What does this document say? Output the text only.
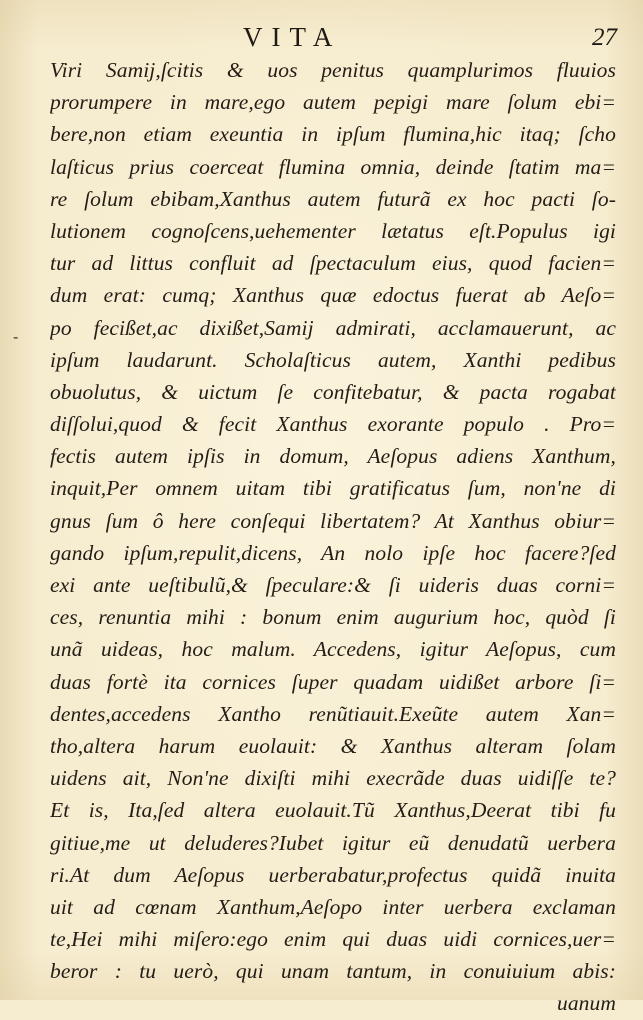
VITA	27
-
Viri Samij,ſcitis & uos penitus quamplurimos fluuios
prorumpere in mare,ego autem pepigi mare ſolum ebi=
bere,non etiam exeuntia in ipſum flumina,hic itaq; ſcho
laſticus prius coerceat flumina omnia, deinde ſtatim ma=
re ſolum ebibam,Xanthus autem futurã ex hoc pacti ſo-
lutionem cognoſcens,uehementer lætatus eſt.Populus igi
tur ad littus confluit ad ſpectaculum eius, quod facien=
dum erat: cumq; Xanthus quæ edoctus fuerat ab Aeſo=
po fecißet,ac dixißet,Samij admirati, acclamauerunt, ac
ipſum laudarunt. Scholaſticus autem, Xanthi pedibus
obuolutus, & uictum ſe confitebatur, & pacta rogabat
diſſolui,quod & fecit Xanthus exorante populo . Pro=
fectis autem ipſis in domum, Aeſopus adiens Xanthum,
inquit,Per omnem uitam tibi gratificatus ſum, non'ne di
gnus ſum ô here conſequi libertatem? At Xanthus obiur=
gando ipſum,repulit,dicens, An nolo ipſe hoc facere?ſed
exi ante ueſtibulũ,& ſpeculare:& ſi uideris duas corni=
ces, renuntia mihi : bonum enim augurium hoc, quòd ſi
unã uideas, hoc malum. Accedens, igitur Aeſopus, cum
duas fortè ita cornices ſuper quadam uidißet arbore ſi=
dentes,accedens Xantho renũtiauit.Exeũte autem Xan=
tho,altera harum euolauit: & Xanthus alteram ſolam
uidens ait, Non'ne dixiſti mihi execrãde duas uidiſſe te?
Et is, Ita,ſed altera euolauit.Tũ Xanthus,Deerat tibi fu
gitiue,me ut deluderes?Iubet igitur eũ denudatũ uerbera
ri.At dum Aeſopus uerberabatur,profectus quidã inuita
uit ad cœnam Xanthum,Aeſopo inter uerbera exclaman
te,Hei mihi miſero:ego enim qui duas uidi cornices,uer=
beror : tu uerò, qui unam tantum, in conuiuium abis:
uanum
